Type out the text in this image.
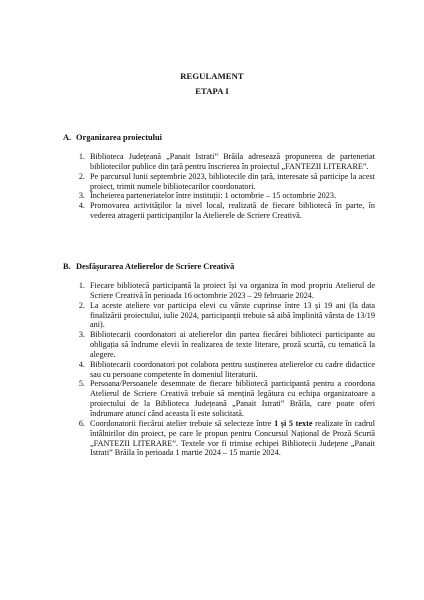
REGULAMENT
ETAPA I
A. Organizarea proiectului
1. Biblioteca Județeană „Panait Istrati” Brăila adresează propunerea de parteneriat bibliotecilor publice din țară pentru înscrierea în proiectul „FANTEZII LITERARE”.
2. Pe parcursul lunii septembrie 2023, bibliotecile din țară, interesate să participe la acest proiect, trimit numele bibliotecarilor coordonatori.
3. Încheierea parteneriatelor între instituții: 1 octombrie – 15 octombrie 2023.
4. Promovarea activităților la nivel local, realizată de fiecare bibliotecă în parte, în vederea atragerii participanților la Atelierele de Scriere Creativă.
B. Desfășurarea Atelierelor de Scriere Creativă
1. Fiecare bibliotecă participantă la proiect își va organiza în mod propriu Atelierul de Scriere Creativă în perioada 16 octombrie 2023 – 29 februarie 2024.
2. La aceste ateliere vor participa elevi cu vârste cuprinse între 13 și 19 ani (la data finalizării proiectului, iulie 2024, participanții trebuie să aibă împlinită vârsta de 13/19 ani).
3. Bibliotecarii coordonatori ai atelierelor din partea fiecărei biblioteci participante au obligația să îndrume elevii în realizarea de texte literare, proză scurtă, cu tematică la alegere.
4. Bibliotecarii coordonatori pot colabora pentru susținerea atelierelor cu cadre didactice sau cu persoane competente în domeniul literaturii.
5. Persoana/Persoanele desemnate de fiecare bibliotecă participantă pentru a coordona Atelierul de Scriere Creativă trebuie să mențină legătura cu echipa organizatoare a proiectului de la Biblioteca Județeană „Panait Istrati” Brăila, care poate oferi îndrumare atunci când aceasta îi este solicitată.
6. Coordonatorii fiecărui atelier trebuie să selecteze între 1 și 5 texte realizate în cadrul întâlnirilor din proiect, pe care le propun pentru Concursul Național de Proză Scurtă „FANTEZII LITERARE”. Textele vor fi trimise echipei Bibliotecii Județene „Panait Istrati” Brăila în perioada 1 martie 2024 – 15 martie 2024.
